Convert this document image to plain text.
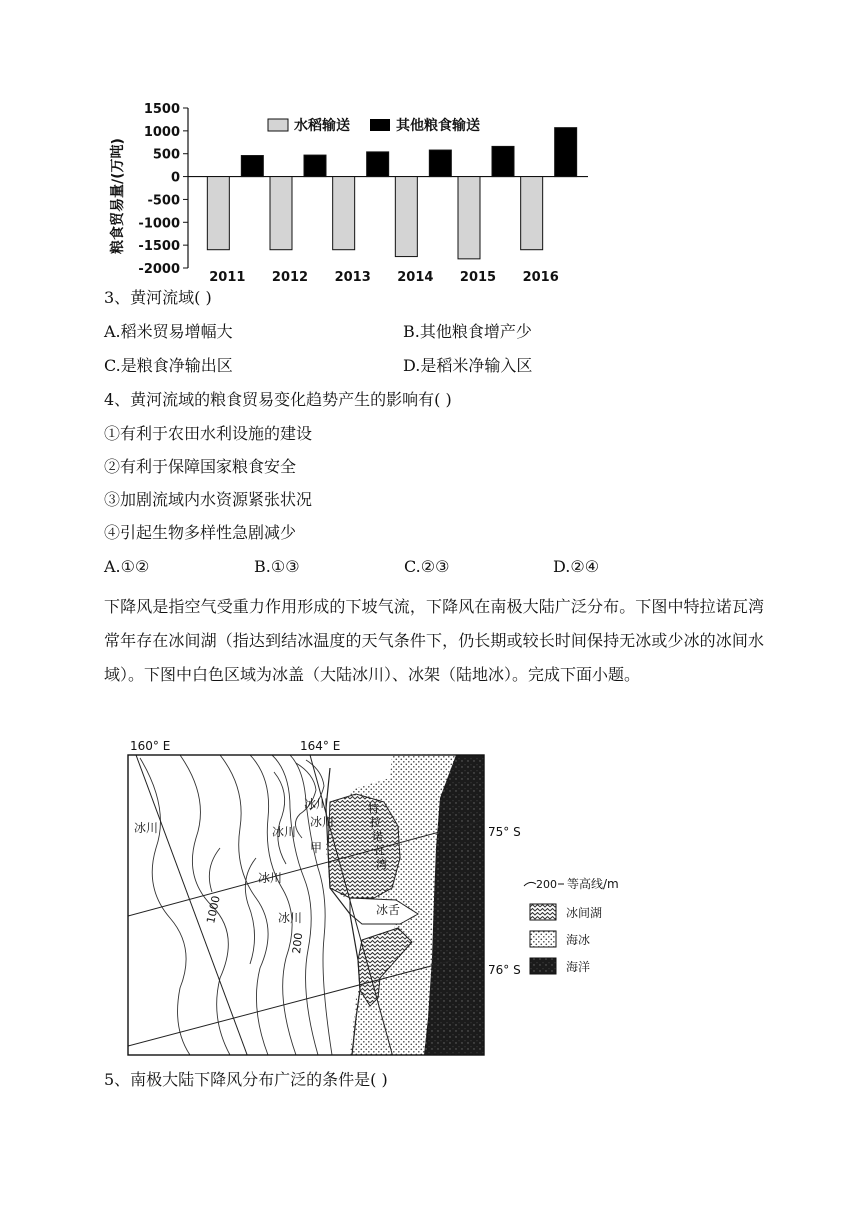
粮食贸易量/(万吨)
1500
1000
500
0
-500
-1000
-1500
-2000
2011 2012 2013 2014 2015 2016
水稻输送	其他粮食输送
3、黄河流域( )
A.稻米贸易增幅大	B.其他粮食增产少
C.是粮食净输出区	D.是稻米净输入区
4、黄河流域的粮食贸易变化趋势产生的影响有( )
①有利于农田水利设施的建设
②有利于保障国家粮食安全
③加剧流域内水资源紧张状况
④引起生物多样性急剧减少
A.①②	B.①③	C.②③	D.②④
下降风是指空气受重力作用形成的下坡气流，下降风在南极大陆广泛分布。下图中特拉诺瓦湾常年存在冰间湖（指达到结冰温度的天气条件下，仍长期或较长时间保持无冰或少冰的冰间水域）。下图中白色区域为冰盖（大陆冰川）、冰架（陆地冰）。完成下面小题。
160° E	164° E
冰川
冰川
冰川
冰川
冰川
冰川
甲
特
拉
诺
瓦
湾
冰舌
1000
200
75° S
76° S
200 等高线/m
冰间湖
海冰
海洋
5、南极大陆下降风分布广泛的条件是( )
